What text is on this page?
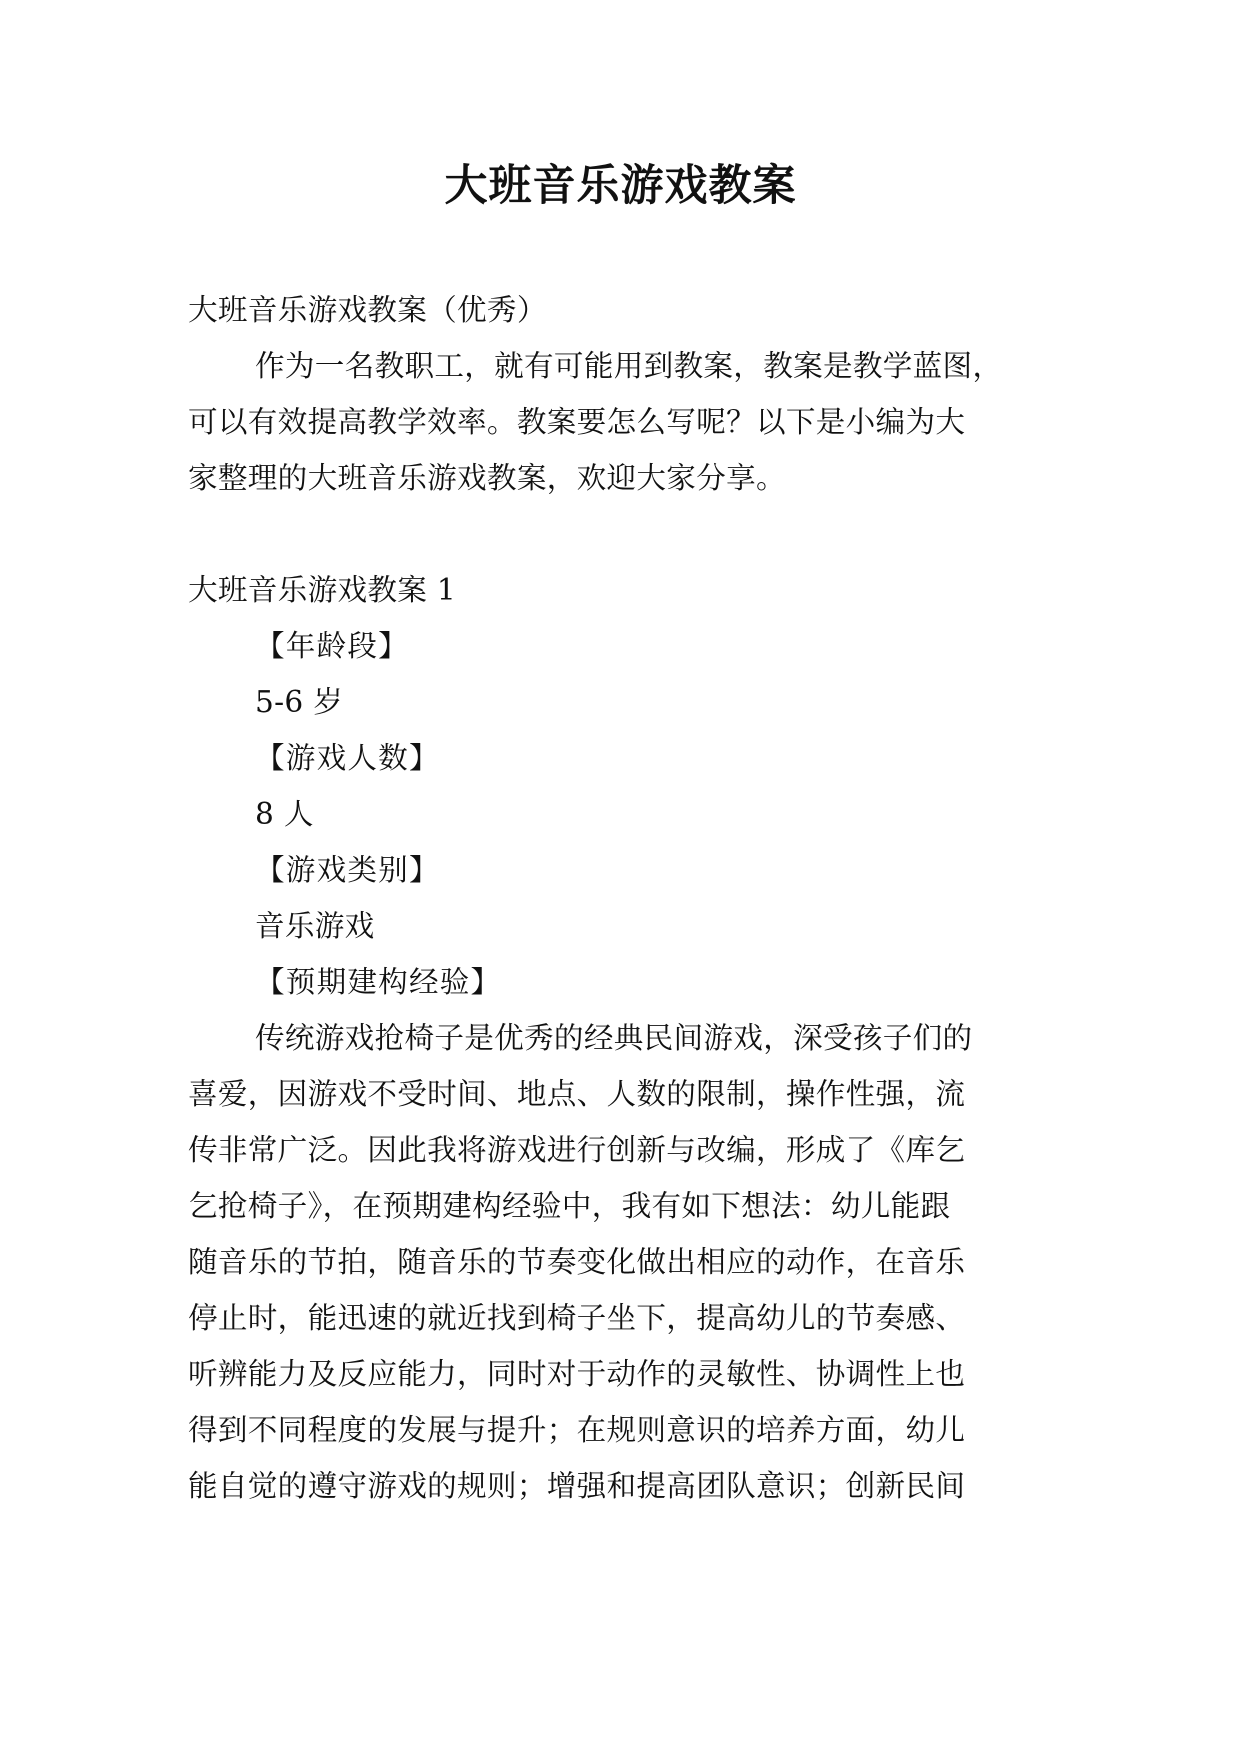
大班音乐游戏教案

大班音乐游戏教案（优秀）

作为一名教职工，就有可能用到教案，教案是教学蓝图，

可以有效提高教学效率。教案要怎么写呢？以下是小编为大

家整理的大班音乐游戏教案，欢迎大家分享。

大班音乐游戏教案 1

【年龄段】

5-6 岁

【游戏人数】

8 人

【游戏类别】

音乐游戏

【预期建构经验】

传统游戏抢椅子是优秀的经典民间游戏，深受孩子们的

喜爱，因游戏不受时间、地点、人数的限制，操作性强，流

传非常广泛。因此我将游戏进行创新与改编，形成了《库乞

乞抢椅子》，在预期建构经验中，我有如下想法：幼儿能跟

随音乐的节拍，随音乐的节奏变化做出相应的动作，在音乐

停止时，能迅速的就近找到椅子坐下，提高幼儿的节奏感、

听辨能力及反应能力，同时对于动作的灵敏性、协调性上也

得到不同程度的发展与提升；在规则意识的培养方面，幼儿

能自觉的遵守游戏的规则；增强和提高团队意识；创新民间
